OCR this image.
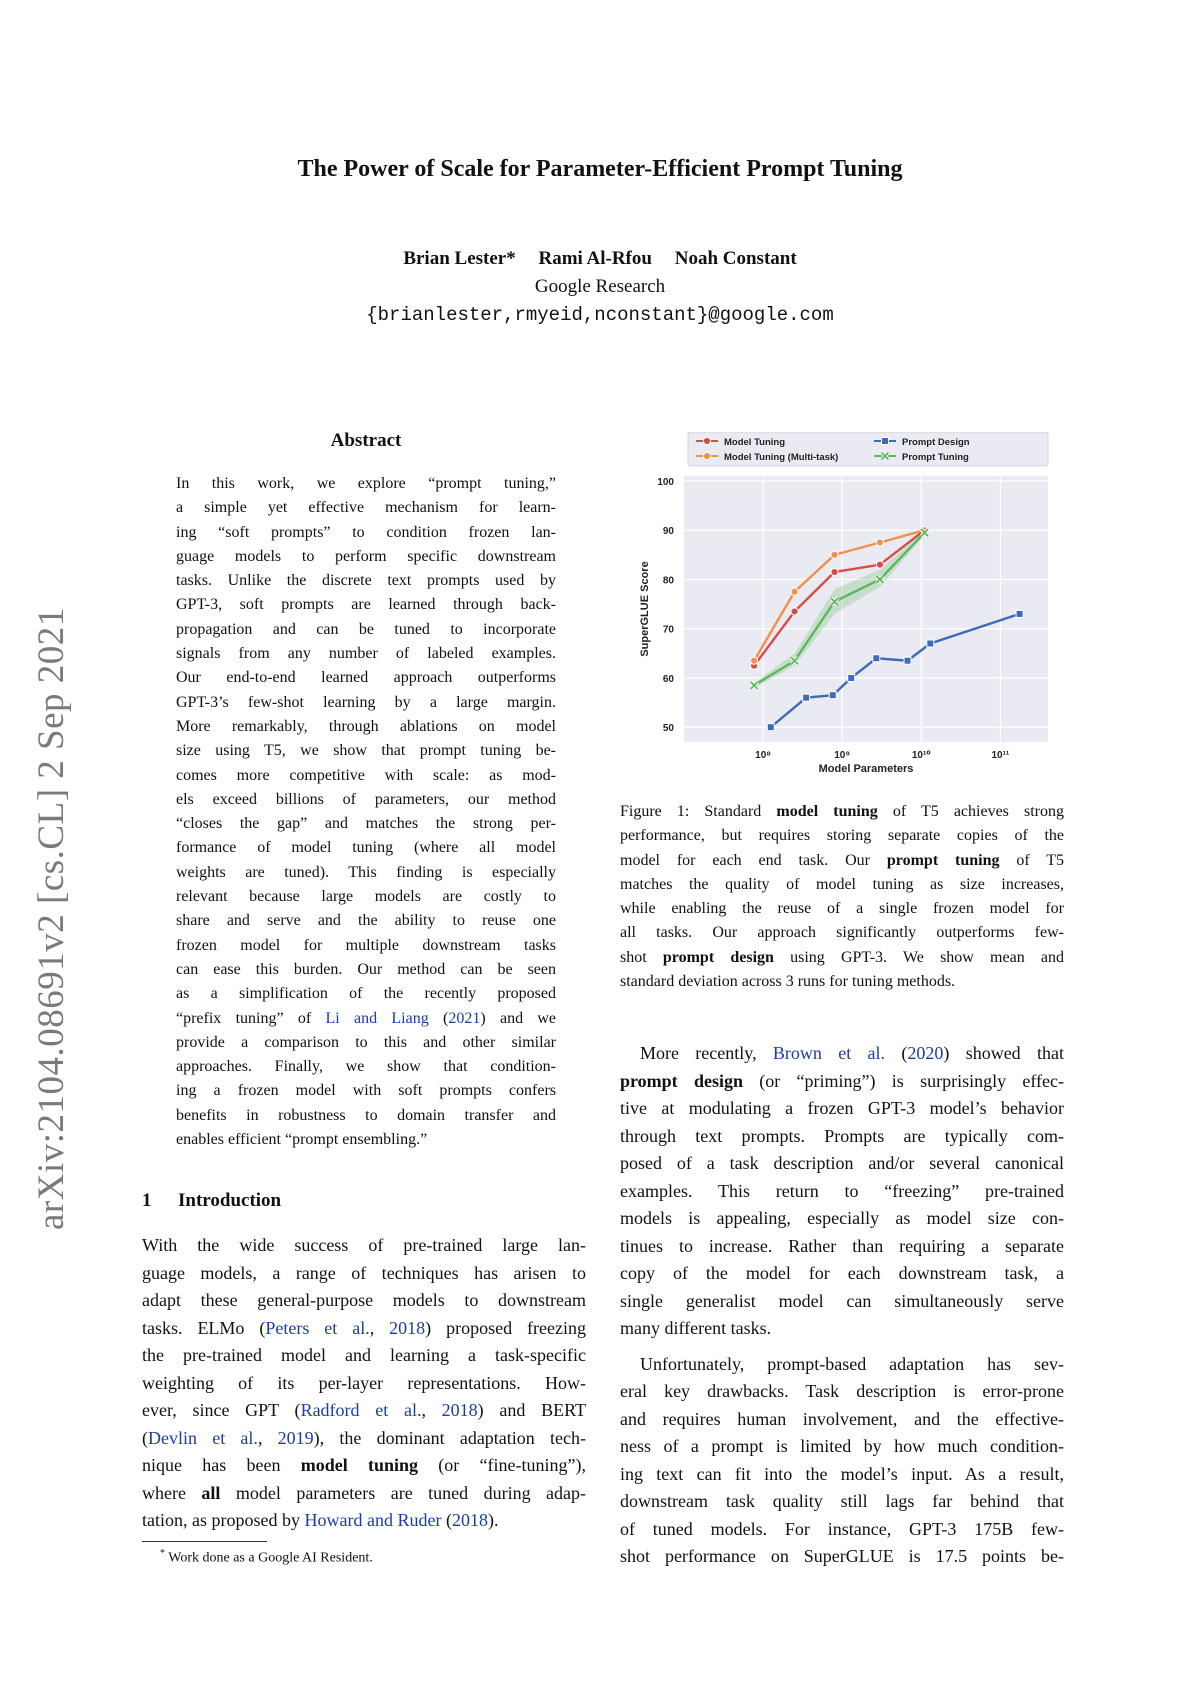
The Power of Scale for Parameter-Efficient Prompt Tuning
Brian Lester* Rami Al-Rfou Noah Constant
Google Research
{brianlester,rmyeid,nconstant}@google.com
arXiv:2104.08691v2 [cs.CL] 2 Sep 2021
Abstract
In this work, we explore “prompt tuning,”
a simple yet effective mechanism for learn-
ing “soft prompts” to condition frozen lan-
guage models to perform specific downstream
tasks. Unlike the discrete text prompts used by
GPT-3, soft prompts are learned through back-
propagation and can be tuned to incorporate
signals from any number of labeled examples.
Our end-to-end learned approach outperforms
GPT-3’s few-shot learning by a large margin.
More remarkably, through ablations on model
size using T5, we show that prompt tuning be-
comes more competitive with scale: as mod-
els exceed billions of parameters, our method
“closes the gap” and matches the strong per-
formance of model tuning (where all model
weights are tuned). This finding is especially
relevant because large models are costly to
share and serve and the ability to reuse one
frozen model for multiple downstream tasks
can ease this burden. Our method can be seen
as a simplification of the recently proposed
“prefix tuning” of Li and Liang (2021) and we
provide a comparison to this and other similar
approaches. Finally, we show that condition-
ing a frozen model with soft prompts confers
benefits in robustness to domain transfer and
enables efficient “prompt ensembling.”
1 Introduction
With the wide success of pre-trained large lan-
guage models, a range of techniques has arisen to
adapt these general-purpose models to downstream
tasks. ELMo (Peters et al., 2018) proposed freezing
the pre-trained model and learning a task-specific
weighting of its per-layer representations. How-
ever, since GPT (Radford et al., 2018) and BERT
(Devlin et al., 2019), the dominant adaptation tech-
nique has been model tuning (or “fine-tuning”),
where all model parameters are tuned during adap-
tation, as proposed by Howard and Ruder (2018).
* Work done as a Google AI Resident.
50
60
70
80
90
100
10⁸	10⁹	10¹⁰	10¹¹
Model Parameters
SuperGLUE Score
Model Tuning
Model Tuning (Multi-task)
Prompt Design
Prompt Tuning
Figure 1: Standard model tuning of T5 achieves strong
performance, but requires storing separate copies of the
model for each end task. Our prompt tuning of T5
matches the quality of model tuning as size increases,
while enabling the reuse of a single frozen model for
all tasks. Our approach significantly outperforms few-
shot prompt design using GPT-3. We show mean and
standard deviation across 3 runs for tuning methods.
More recently, Brown et al. (2020) showed that
prompt design (or “priming”) is surprisingly effec-
tive at modulating a frozen GPT-3 model’s behavior
through text prompts. Prompts are typically com-
posed of a task description and/or several canonical
examples. This return to “freezing” pre-trained
models is appealing, especially as model size con-
tinues to increase. Rather than requiring a separate
copy of the model for each downstream task, a
single generalist model can simultaneously serve
many different tasks.
Unfortunately, prompt-based adaptation has sev-
eral key drawbacks. Task description is error-prone
and requires human involvement, and the effective-
ness of a prompt is limited by how much condition-
ing text can fit into the model’s input. As a result,
downstream task quality still lags far behind that
of tuned models. For instance, GPT-3 175B few-
shot performance on SuperGLUE is 17.5 points be-
